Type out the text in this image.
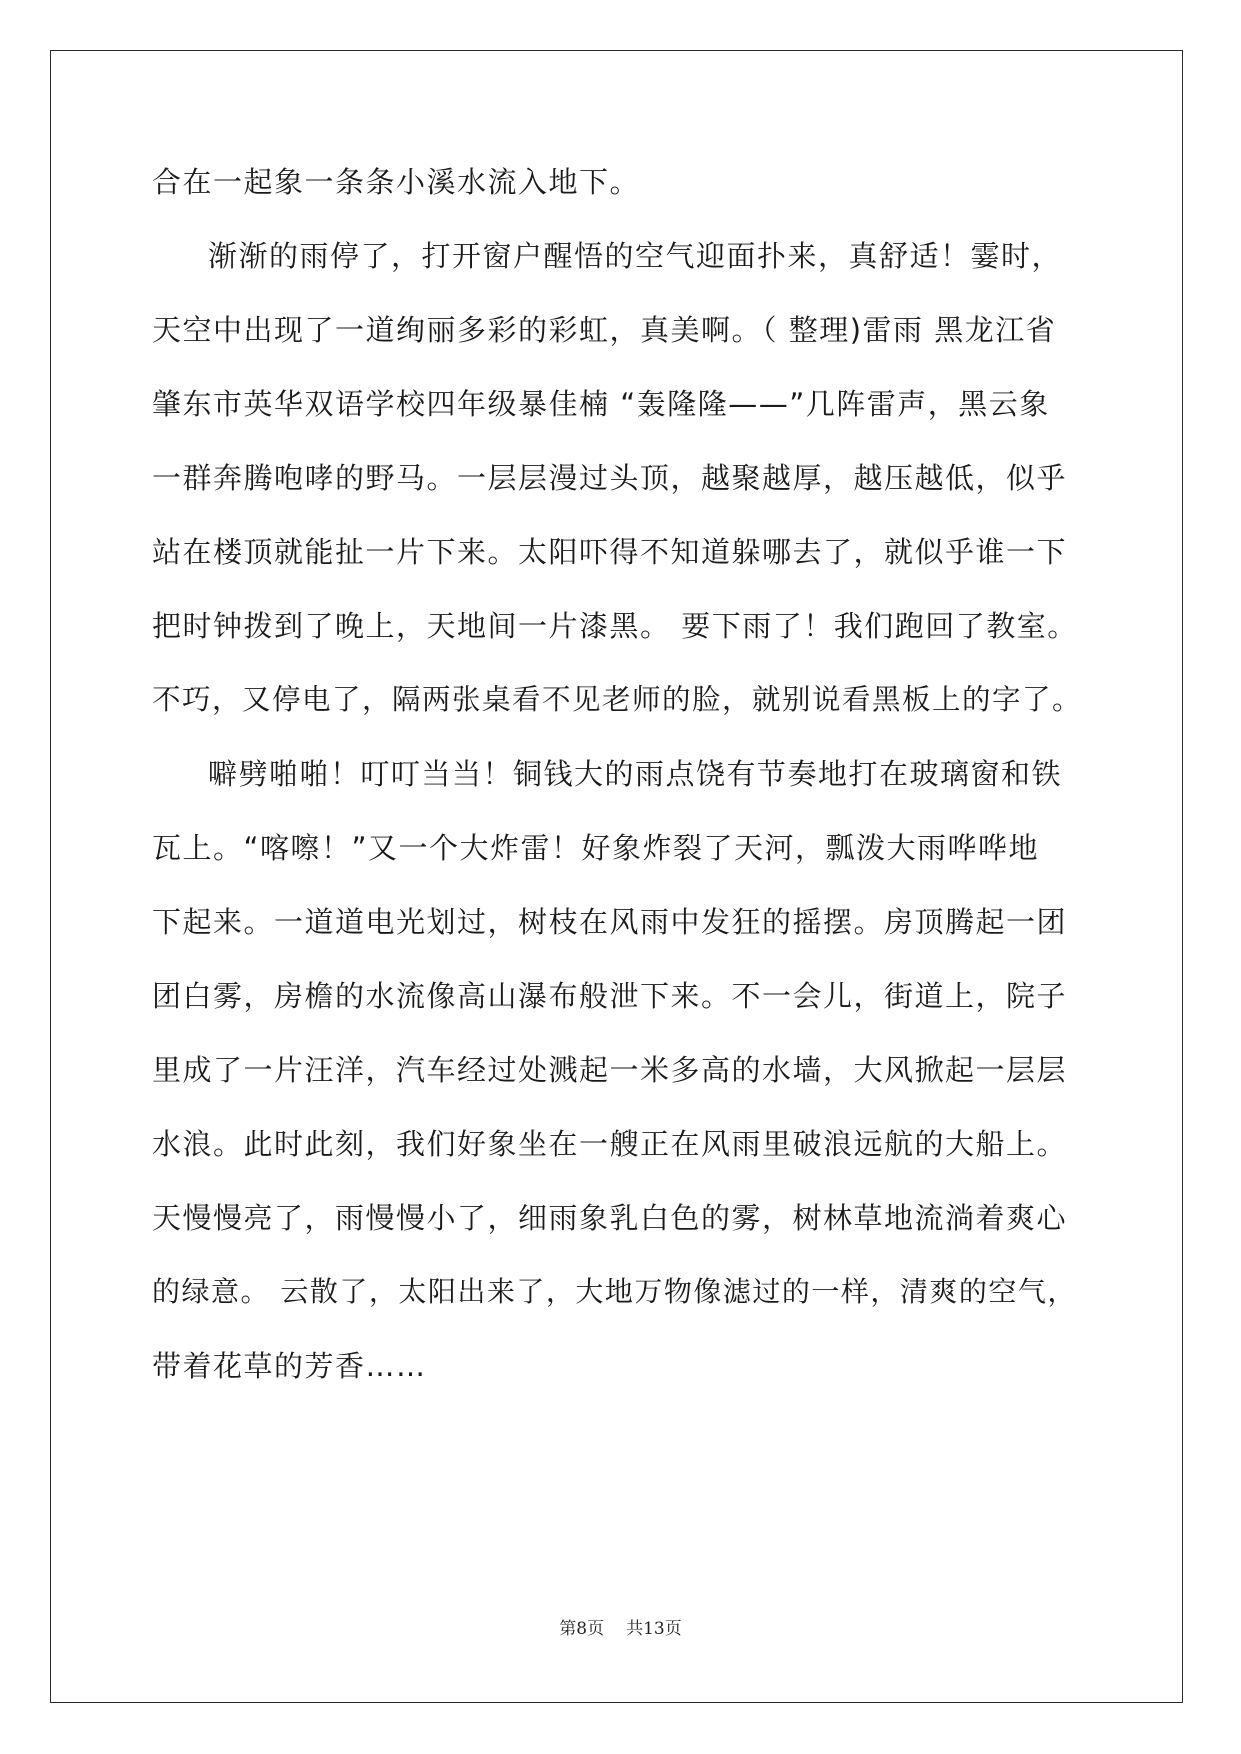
合在一起象一条条小溪水流入地下。
渐渐的雨停了，打开窗户醒悟的空气迎面扑来，真舒适！霎时，
天空中出现了一道绚丽多彩的彩虹，真美啊。（ 整理)雷雨 黑龙江省
肇东市英华双语学校四年级暴佳楠 “轰隆隆——”几阵雷声，黑云象
一群奔腾咆哮的野马。一层层漫过头顶，越聚越厚，越压越低，似乎
站在楼顶就能扯一片下来。太阳吓得不知道躲哪去了，就似乎谁一下
把时钟拨到了晚上，天地间一片漆黑。 要下雨了！我们跑回了教室。
不巧，又停电了，隔两张桌看不见老师的脸，就别说看黑板上的字了。
噼劈啪啪！叮叮当当！铜钱大的雨点饶有节奏地打在玻璃窗和铁
瓦上。“喀嚓！”又一个大炸雷！好象炸裂了天河，瓢泼大雨哗哗地
下起来。一道道电光划过，树枝在风雨中发狂的摇摆。房顶腾起一团
团白雾，房檐的水流像高山瀑布般泄下来。不一会儿，街道上，院子
里成了一片汪洋，汽车经过处溅起一米多高的水墙，大风掀起一层层
水浪。此时此刻，我们好象坐在一艘正在风雨里破浪远航的大船上。
天慢慢亮了，雨慢慢小了，细雨象乳白色的雾，树林草地流淌着爽心
的绿意。 云散了，太阳出来了，大地万物像滤过的一样，清爽的空气，
带着花草的芳香……
第8页 共13页
